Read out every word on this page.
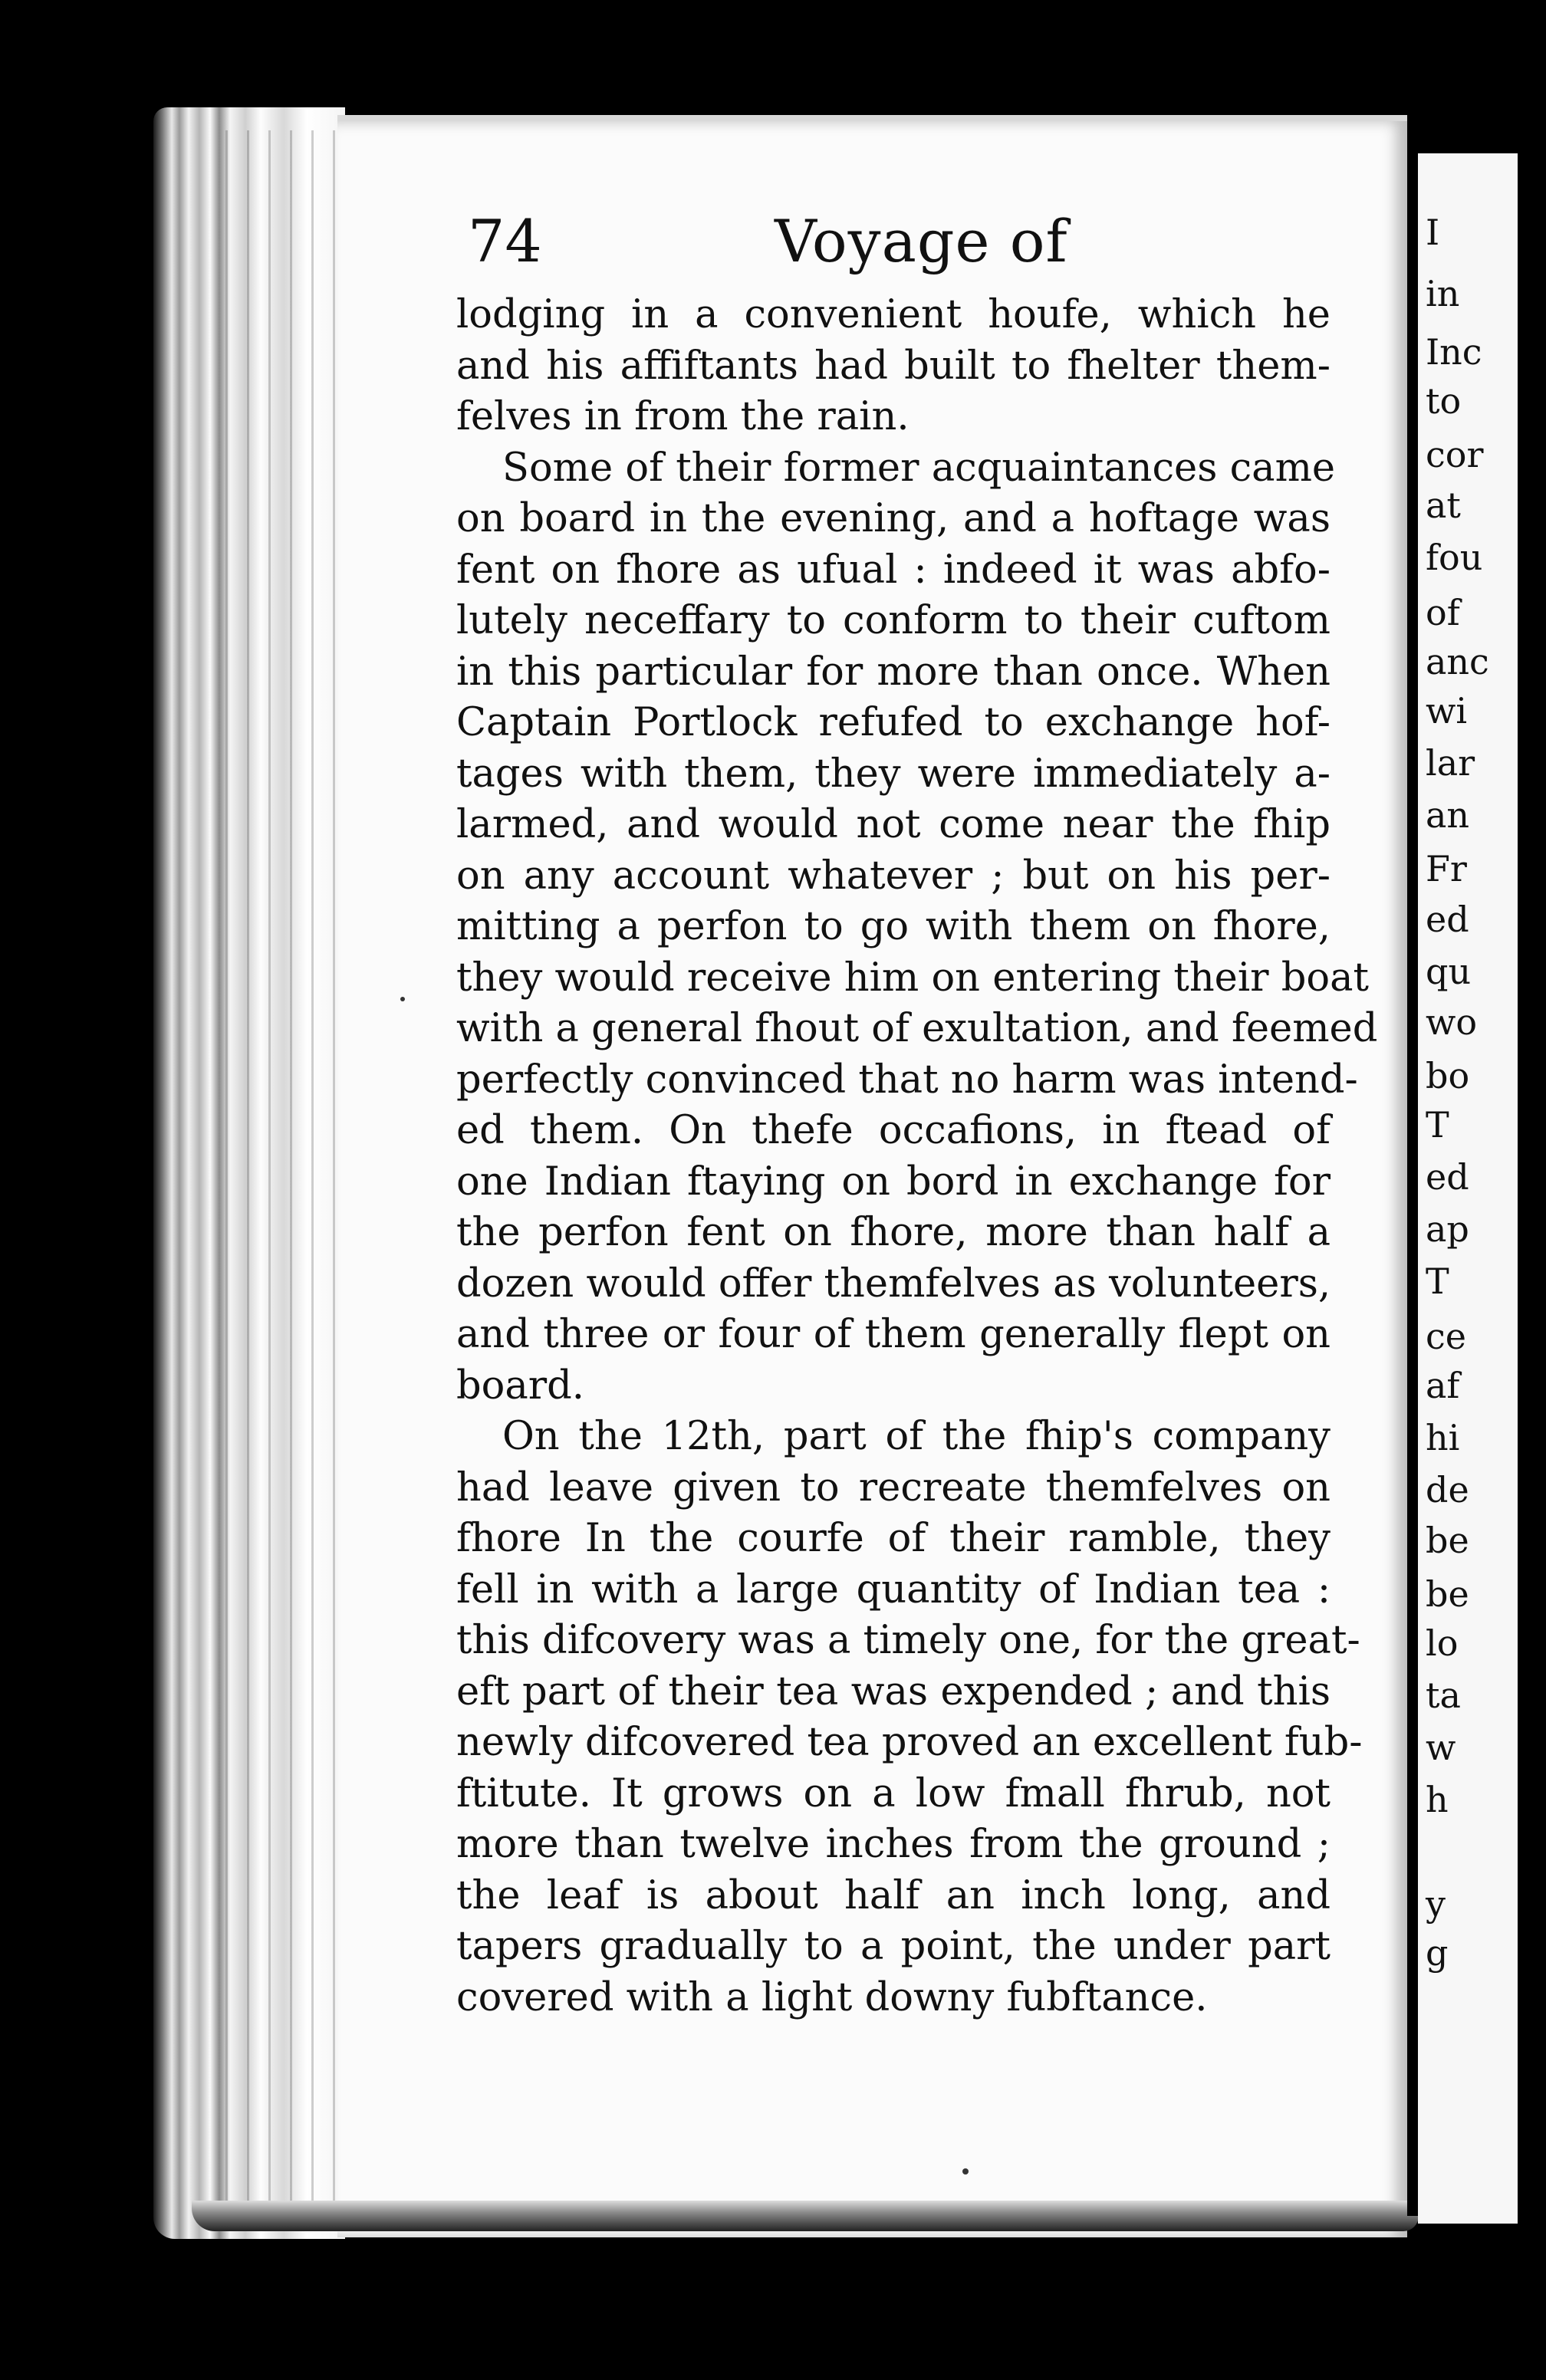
I
in
Inc
to
cor
at
fou
of
anc
wi
lar
an
Fr
ed
qu
wo
bo
T
ed
ap
T
ce
af
hi
de
be
be
lo
ta
w
h
y
g
74	Voyage of
lodging in a convenient houfe, which he
and his affiftants had built to fhelter them-
felves in from the rain.
Some of their former acquaintances came
on board in the evening, and a hoftage was
fent on fhore as ufual : indeed it was abfo-
lutely neceffary to conform to their cuftom
in this particular for more than once. When
Captain Portlock refufed to exchange hof-
tages with them, they were immediately a-
larmed, and would not come near the fhip
on any account whatever ; but on his per-
mitting a perfon to go with them on fhore,
they would receive him on entering their boat
with a general fhout of exultation, and feemed
perfectly convinced that no harm was intend-
ed them. On thefe occafions, in ftead of
one Indian ftaying on bord in exchange for
the perfon fent on fhore, more than half a
dozen would offer themfelves as volunteers,
and three or four of them generally flept on
board.
On the 12th, part of the fhip's company
had leave given to recreate themfelves on
fhore In the courfe of their ramble, they
fell in with a large quantity of Indian tea :
this difcovery was a timely one, for the great-
eft part of their tea was expended ; and this
newly difcovered tea proved an excellent fub-
ftitute. It grows on a low fmall fhrub, not
more than twelve inches from the ground ;
the leaf is about half an inch long, and
tapers gradually to a point, the under part
covered with a light downy fubftance.
